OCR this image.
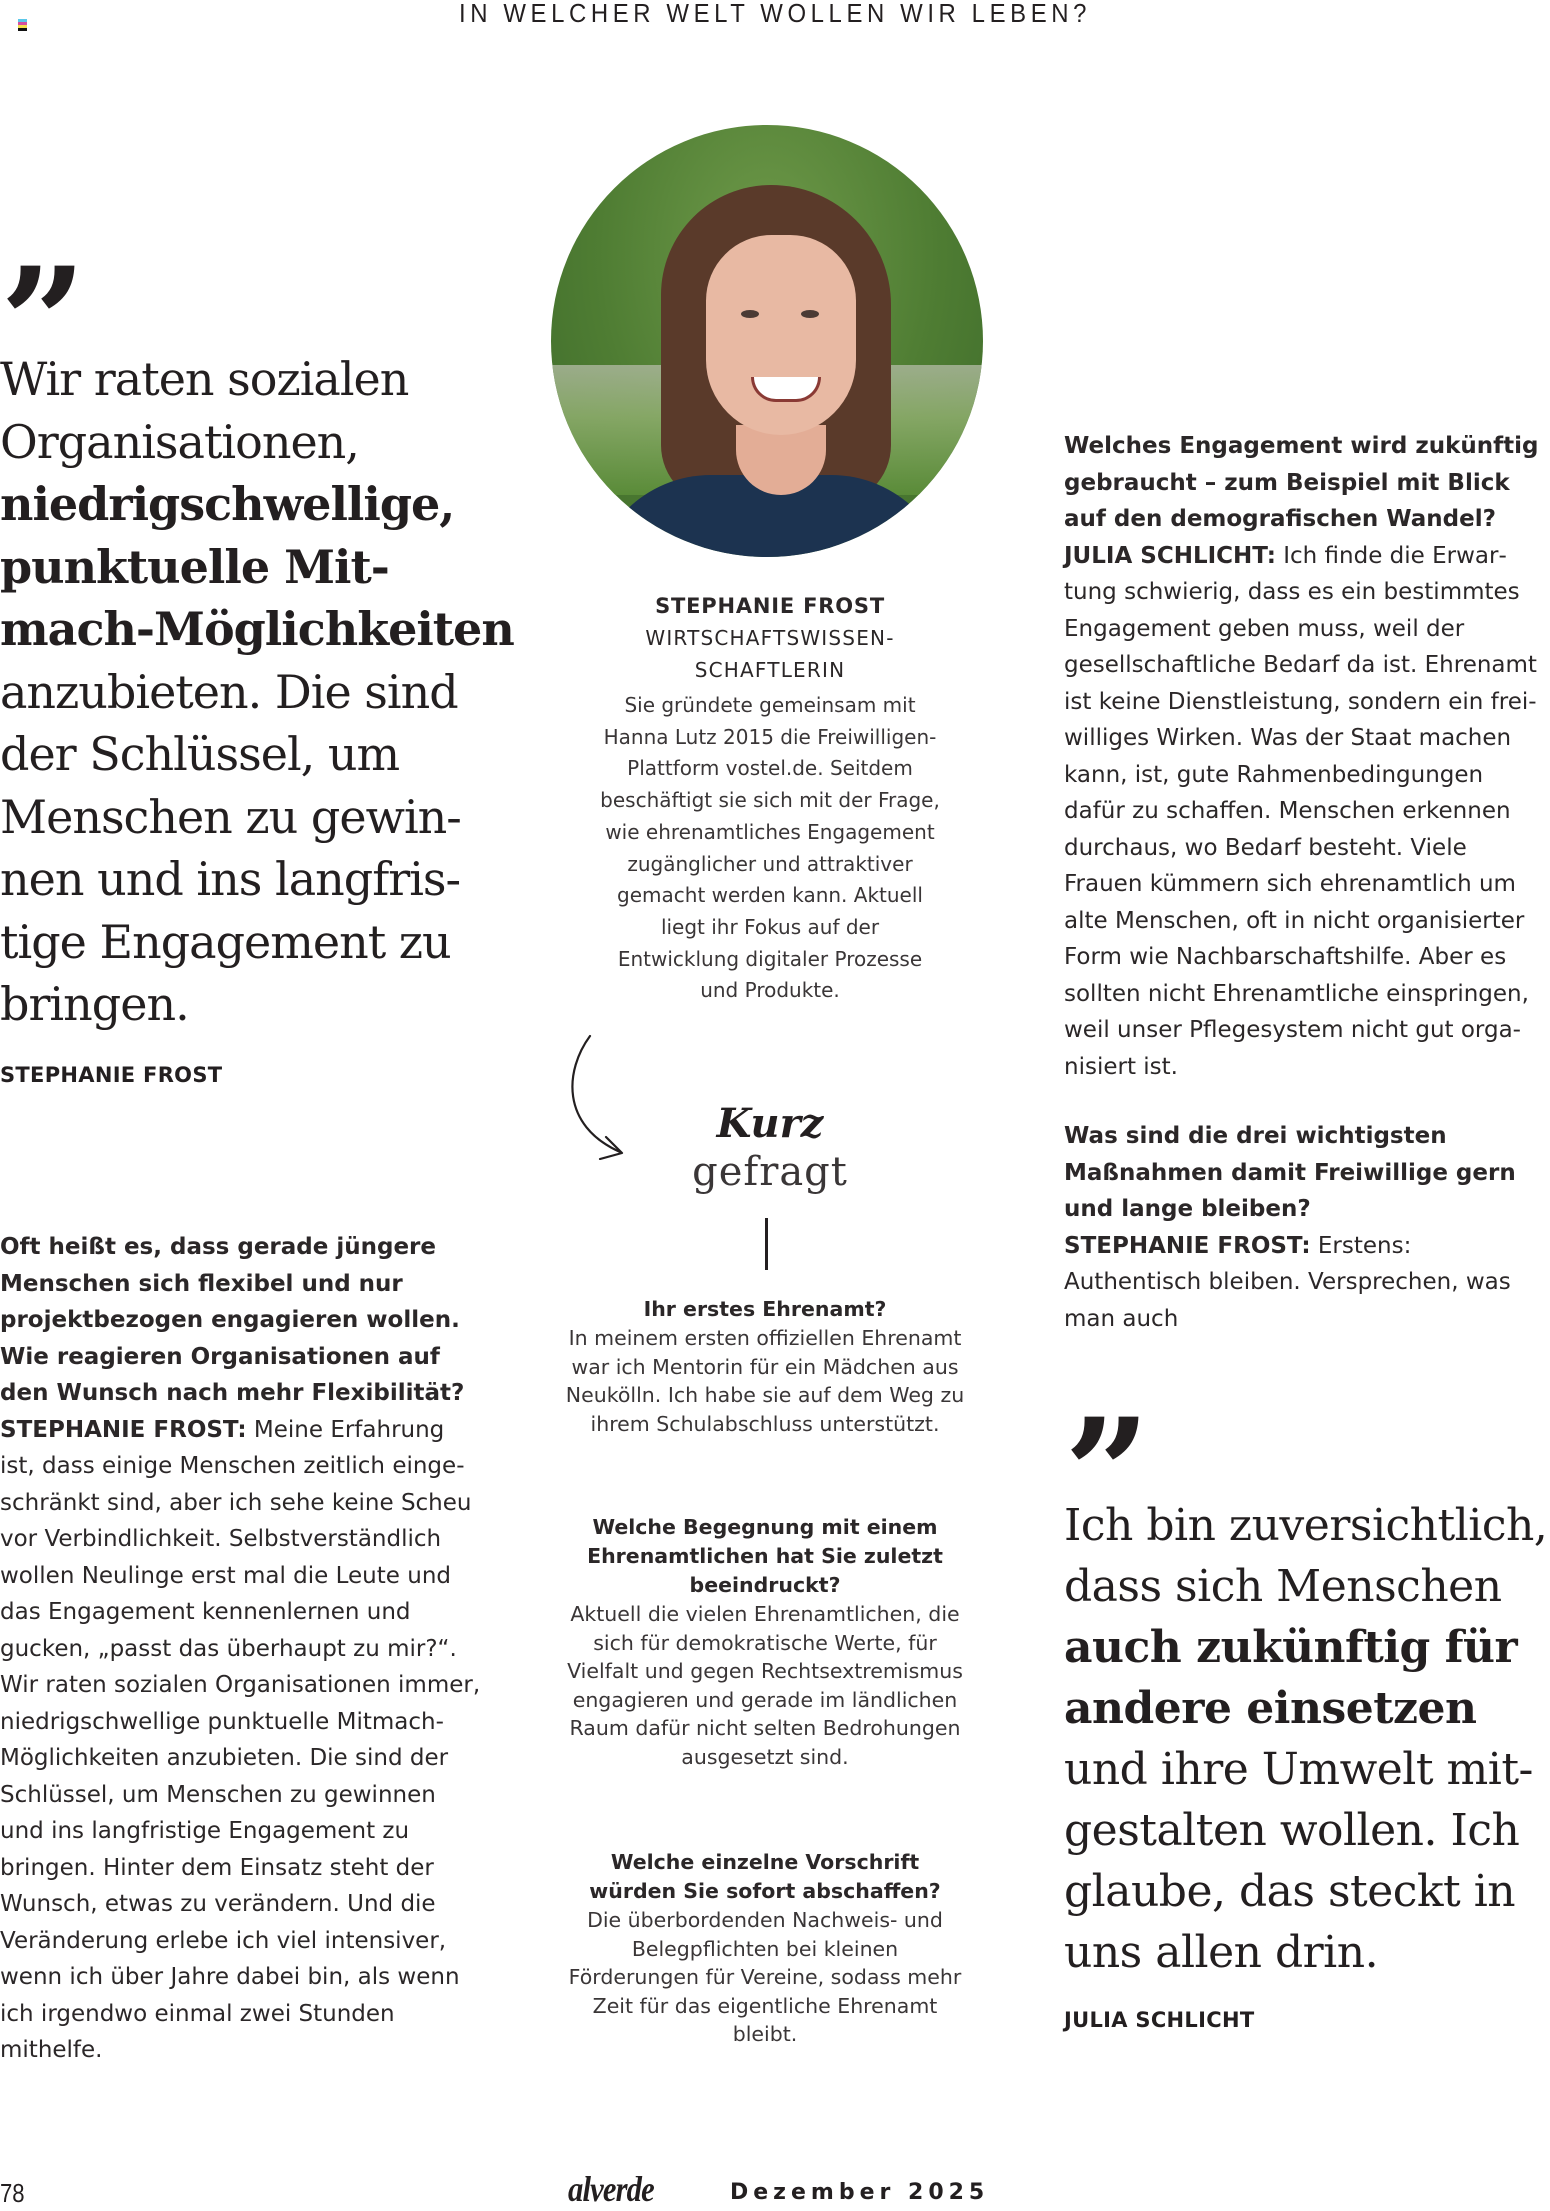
IN WELCHER WELT WOLLEN WIR LEBEN?
Wir raten sozialen Organisationen, niedrigschwellige, punktuelle Mitmach-Möglichkeiten anzubieten. Die sind der Schlüssel, um Menschen zu gewinnen und ins langfristige Engagement zu bringen.
STEPHANIE FROST
Oft heißt es, dass gerade jüngere Menschen sich flexibel und nur projektbezogen engagieren wollen. Wie reagieren Organisationen auf den Wunsch nach mehr Flexibilität?

STEPHANIE FROST: Meine Erfahrung ist, dass einige Menschen zeitlich eingeschränkt sind, aber ich sehe keine Scheu vor Verbindlichkeit. Selbstverständlich wollen Neulinge erst mal die Leute und das Engagement kennenlernen und gucken, „passt das überhaupt zu mir?“. Wir raten sozialen Organisationen immer, niedrigschwellige punktuelle Mitmach-Möglichkeiten anzubieten. Die sind der Schlüssel, um Menschen zu gewinnen und ins langfristige Engagement zu bringen. Hinter dem Einsatz steht der Wunsch, etwas zu verändern. Und die Veränderung erlebe ich viel intensiver, wenn ich über Jahre dabei bin, als wenn ich irgendwo einmal zwei Stunden mithelfe.

STEPHANIE FROST
WIRTSCHAFTSWISSEN-
SCHAFTLERIN
Sie gründete gemeinsam mit Hanna Lutz 2015 die Freiwilligen-Plattform vostel.de. Seitdem beschäftigt sie sich mit der Frage, wie ehrenamtliches Engagement zugänglicher und attraktiver gemacht werden kann. Aktuell liegt ihr Fokus auf der Entwicklung digitaler Prozesse und Produkte.
Kurz
gefragt
Ihr erstes Ehrenamt?
In meinem ersten offiziellen Ehrenamt war ich Mentorin für ein Mädchen aus Neukölln. Ich habe sie auf dem Weg zu ihrem Schulabschluss unterstützt.
Welche Begegnung mit einem Ehrenamtlichen hat Sie zuletzt beeindruckt?
Aktuell die vielen Ehrenamtlichen, die sich für demokratische Werte, für Vielfalt und gegen Rechtsextremismus engagieren und gerade im ländlichen Raum dafür nicht selten Bedrohungen ausgesetzt sind.
Welche einzelne Vorschrift würden Sie sofort abschaffen?
Die überbordenden Nachweis- und Belegpflichten bei kleinen Förderungen für Vereine, sodass mehr Zeit für das eigentliche Ehrenamt bleibt.
Welches Engagement wird zukünftig gebraucht – zum Beispiel mit Blick auf den demografischen Wandel?

JULIA SCHLICHT: Ich finde die Erwartung schwierig, dass es ein bestimmtes Engagement geben muss, weil der gesellschaftliche Bedarf da ist. Ehrenamt ist keine Dienstleistung, sondern ein freiwilliges Wirken. Was der Staat machen kann, ist, gute Rahmenbedingungen dafür zu schaffen. Menschen erkennen durchaus, wo Bedarf besteht. Viele Frauen kümmern sich ehrenamtlich um alte Menschen, oft in nicht organisierter Form wie Nachbarschaftshilfe. Aber es sollten nicht Ehrenamtliche einspringen, weil unser Pflegesystem nicht gut organisiert ist.

Was sind die drei wichtigsten Maßnahmen damit Freiwillige gern und lange bleiben?

STEPHANIE FROST: Erstens: Authentisch bleiben. Versprechen, was man auch

Ich bin zuversichtlich, dass sich Menschen auch zukünftig für andere einsetzen und ihre Umwelt mitgestalten wollen. Ich glaube, das steckt in uns allen drin.
JULIA SCHLICHT
78	alverde	Dezember 2025
